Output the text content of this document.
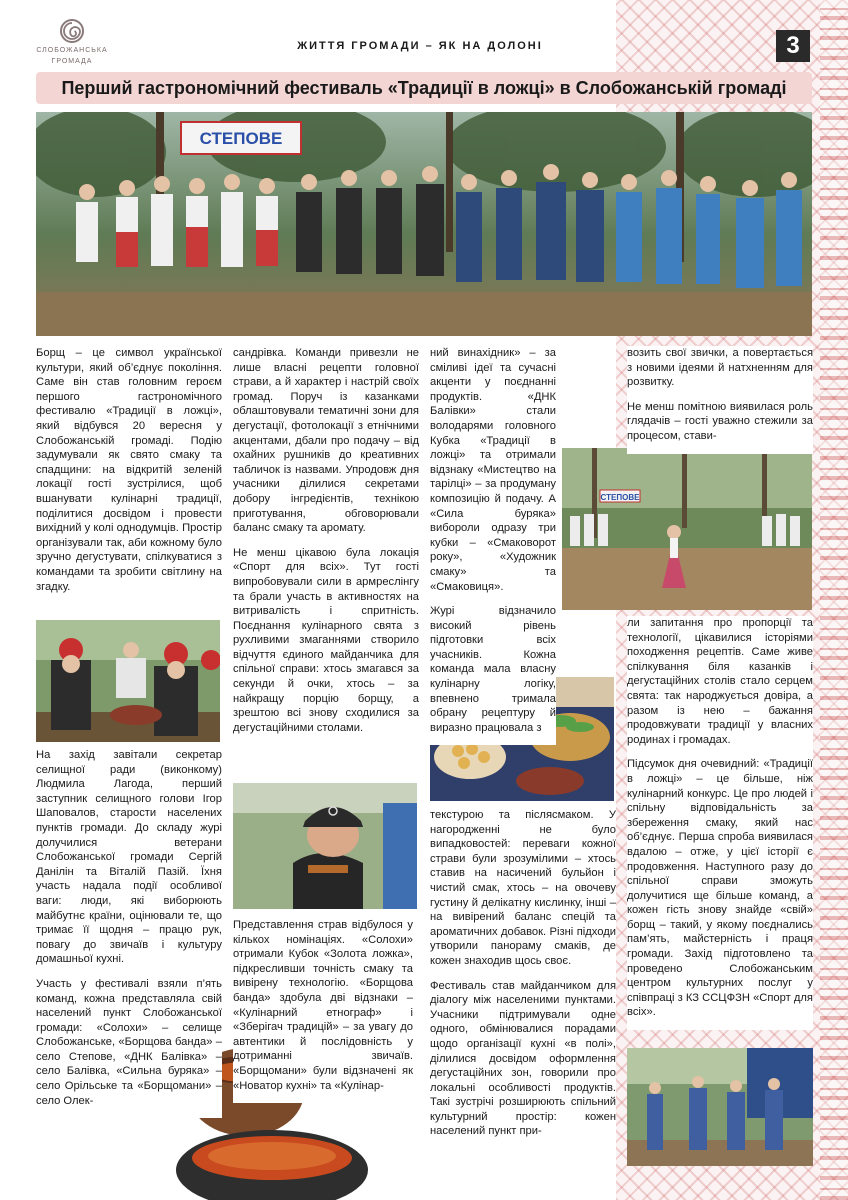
СЛОБОЖАНСЬКА
ГРОМАДА
ЖИТТЯ ГРОМАДИ – ЯК НА ДОЛОНІ	3
Перший гастрономічний фестиваль «Традиції в ложці» в Слобожанській громаді
СТЕПОВЕ
СТЕПОВЕ

Борщ – це символ української культури, який об’єднує покоління. Саме він став головним героєм першого гастрономічного фестивалю «Традиції в ложці», який відбувся 20 вересня у Слобожанській громаді. Подію задумували як свято смаку та спадщини: на відкритій зеленій локації гості зустрілися, щоб вшанувати кулінарні традиції, поділитися досвідом і провести вихідний у колі однодумців. Простір організували так, аби кожному було зручно дегустувати, спілкуватися з командами та зробити світлину на згадку.

На захід завітали секретар селищної ради (виконкому) Людмила Лагода, перший заступник селищного голови Ігор Шаповалов, старости населених пунктів громади. До складу журі долучилися ветерани Слобожанської громади Сергій Данілін та Віталій Пазій. Їхня участь надала події особливої ваги: люди, які виборюють майбутнє країни, оцінювали те, що тримає її щодня – працю рук, повагу до звичаїв і культуру домашньої кухні.

Участь у фестивалі взяли п’ять команд, кожна представляла свій населений пункт Слобожанської громади: «Солохи» – селище Слобожанське, «Борщова банда» – село Степове, «ДНК Балівка» – село Балівка, «Сильна буряка» – село Орільське та «Борщомани» – село Олек-

сандрівка. Команди привезли не лише власні рецепти головної страви, а й характер і настрій своїх громад. Поруч із казанками облаштовували тематичні зони для дегустації, фотолокації з етнічними акцентами, дбали про подачу – від охайних рушників до креативних табличок із назвами. Упродовж дня учасники ділилися секретами добору інгредієнтів, технікою приготування, обговорювали баланс смаку та аромату.

Не менш цікавою була локація «Спорт для всіх». Тут гості випробовували сили в армреслінгу та брали участь в активностях на витривалість і спритність. Поєднання кулінарного свята з рухливими змаганнями створило відчуття єдиного майданчика для спільної справи: хтось змагався за секунди й очки, хтось – за найкращу порцію борщу, а зрештою всі знову сходилися за дегустаційними столами.

Представлення страв відбулося у кількох номінаціях. «Солохи» отримали Кубок «Золота ложка», підкресливши точність смаку та вивірену технологію. «Борщова банда» здобула дві відзнаки – «Кулінарний етнограф» і «Зберігач традицій» – за увагу до автентики й послідовність у дотриманні звичаїв. «Борщомани» були відзначені як «Новатор кухні» та «Кулінар-

ний винахідник» – за сміливі ідеї та сучасні акценти у поєднанні продуктів. «ДНК Балівки» стали володарями головного Кубка «Традиції в ложці» та отримали відзнаку «Мистецтво на тарілці» – за продуману композицію й подачу. А «Сила буряка» вибороли одразу три кубки – «Смаковорот року», «Художник смаку» та «Смаковиця».

Журі відзначило високий рівень підготовки всіх учасників. Кожна команда мала власну кулінарну логіку, впевнено тримала обрану рецептуру й виразно працювала з

текстурою та післясмаком. У нагородженні не було випадковостей: переваги кожної страви були зрозумілими – хтось ставив на насичений бульйон і чистий смак, хтось – на овочеву густину й делікатну кислинку, інші – на вивірений баланс спецій та ароматичних добавок. Різні підходи утворили панораму смаків, де кожен знаходив щось своє.

Фестиваль став майданчиком для діалогу між населеними пунктами. Учасники підтримували одне одного, обмінювалися порадами щодо організації кухні «в полі», ділилися досвідом оформлення дегустаційних зон, говорили про локальні особливості продуктів. Такі зустрічі розширюють спільний культурний простір: кожен населений пункт при-

возить свої звички, а повертається з новими ідеями й натхненням для розвитку.

Не менш помітною виявилася роль глядачів – гості уважно стежили за процесом, стави-

ли запитання про пропорції та технології, цікавилися історіями походження рецептів. Саме живе спілкування біля казанків і дегустаційних столів стало серцем свята: так народжується довіра, а разом із нею – бажання продовжувати традиції у власних родинах і громадах.

Підсумок дня очевидний: «Традиції в ложці» – це більше, ніж кулінарний конкурс. Це про людей і спільну відповідальність за збереження смаку, який нас об’єднує. Перша спроба виявилася вдалою – отже, у цієї історії є продовження. Наступного разу до спільної справи зможуть долучитися ще більше команд, а кожен гість знову знайде «свій» борщ – такий, у якому поєднались пам’ять, майстерність і праця громади. Захід підготовлено та проведено Слобожанським центром культурних послуг у співпраці з КЗ ССЦФЗН «Спорт для всіх».
